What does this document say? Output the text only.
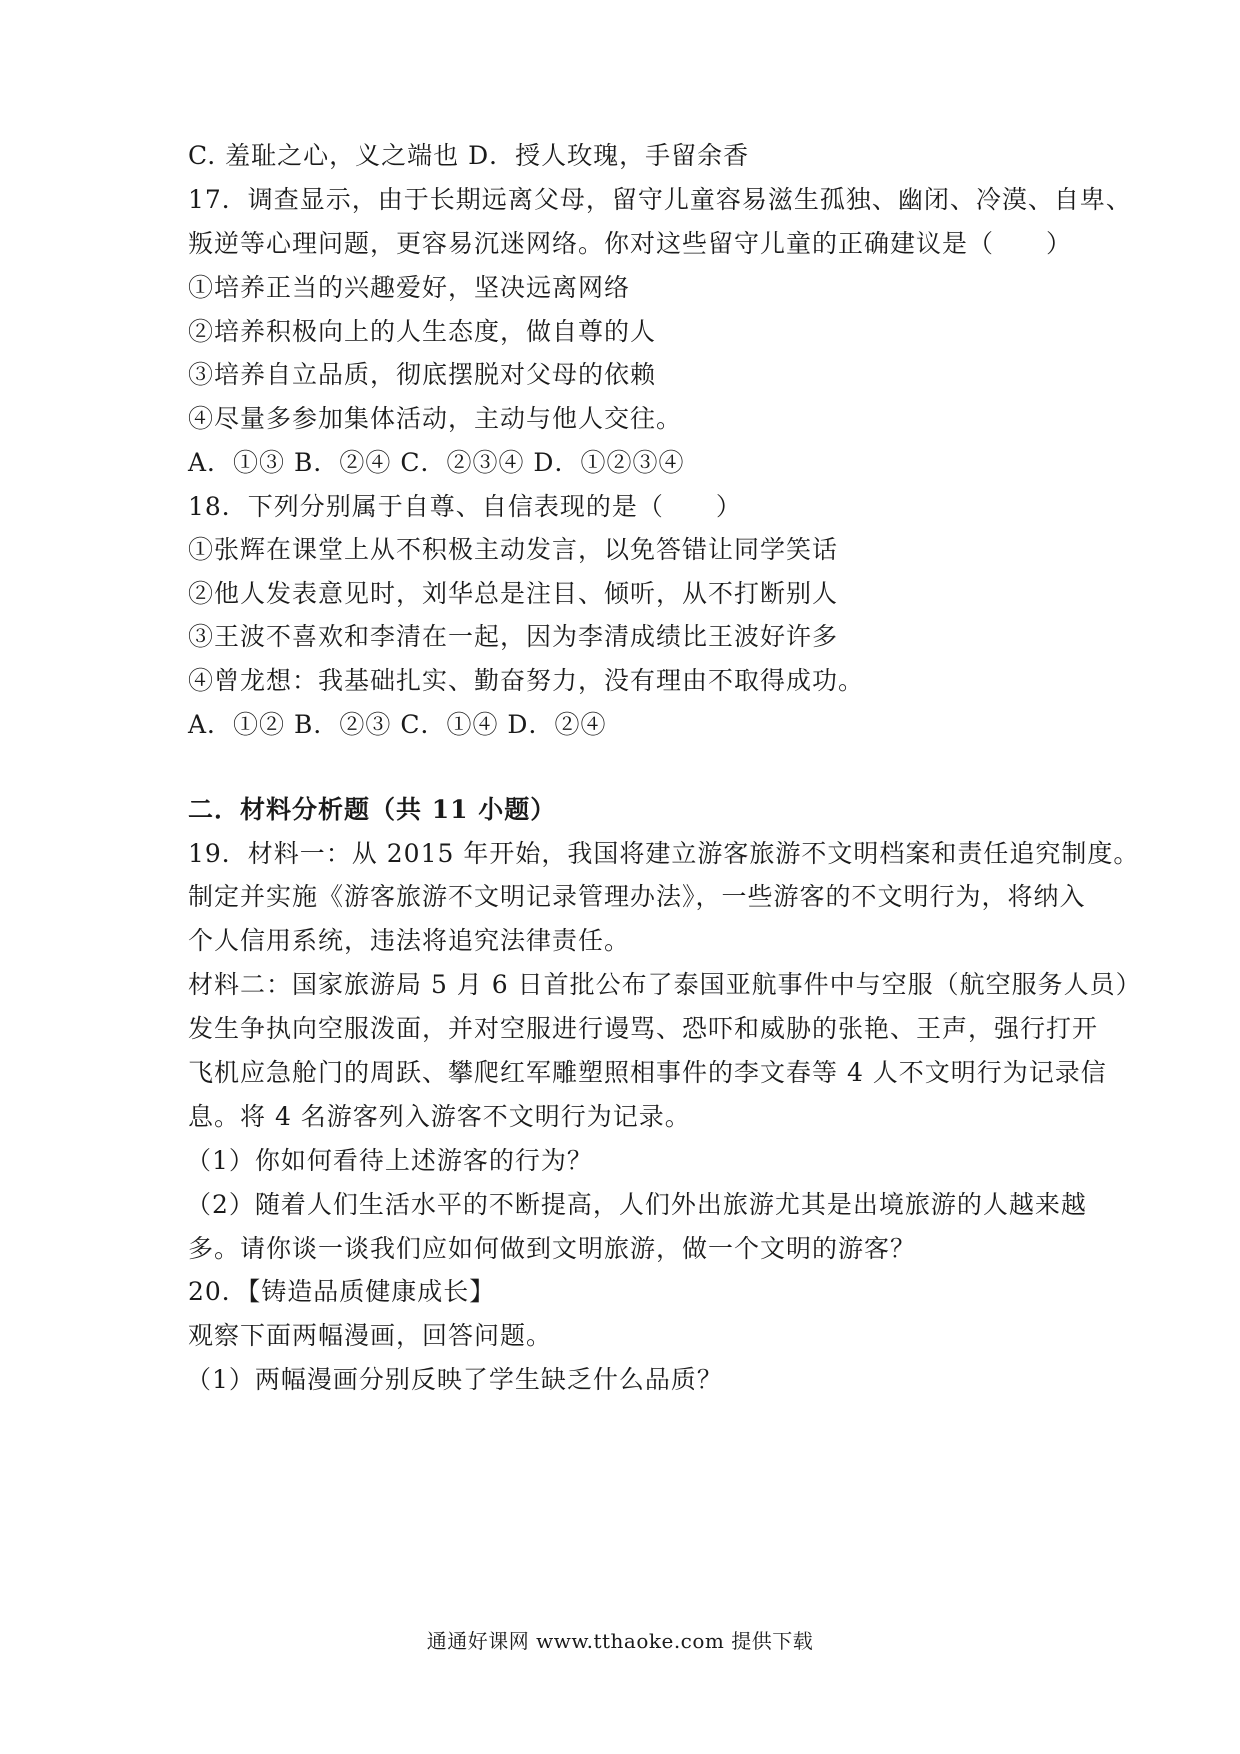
C. 羞耻之心，义之端也 D．授人玫瑰，手留余香
17．调查显示，由于长期远离父母，留守儿童容易滋生孤独、幽闭、冷漠、自卑、
叛逆等心理问题，更容易沉迷网络。你对这些留守儿童的正确建议是（　　）
①培养正当的兴趣爱好，坚决远离网络
②培养积极向上的人生态度，做自尊的人
③培养自立品质，彻底摆脱对父母的依赖
④尽量多参加集体活动，主动与他人交往。
A．①③ B．②④ C．②③④ D．①②③④
18．下列分别属于自尊、自信表现的是（　　）
①张辉在课堂上从不积极主动发言，以免答错让同学笑话
②他人发表意见时，刘华总是注目、倾听，从不打断别人
③王波不喜欢和李清在一起，因为李清成绩比王波好许多
④曾龙想：我基础扎实、勤奋努力，没有理由不取得成功。
A．①② B．②③ C．①④ D．②④
二．材料分析题（共 11 小题）
19．材料一：从 2015 年开始，我国将建立游客旅游不文明档案和责任追究制度。
制定并实施《游客旅游不文明记录管理办法》，一些游客的不文明行为，将纳入
个人信用系统，违法将追究法律责任。
材料二：国家旅游局 5 月 6 日首批公布了泰国亚航事件中与空服（航空服务人员）
发生争执向空服泼面，并对空服进行谩骂、恐吓和威胁的张艳、王声，强行打开
飞机应急舱门的周跃、攀爬红军雕塑照相事件的李文春等 4 人不文明行为记录信
息。将 4 名游客列入游客不文明行为记录。
（1）你如何看待上述游客的行为？
（2）随着人们生活水平的不断提高，人们外出旅游尤其是出境旅游的人越来越
多。请你谈一谈我们应如何做到文明旅游，做一个文明的游客？
20．【铸造品质健康成长】
观察下面两幅漫画，回答问题。
（1）两幅漫画分别反映了学生缺乏什么品质？
通通好课网 www.tthaoke.com 提供下载
